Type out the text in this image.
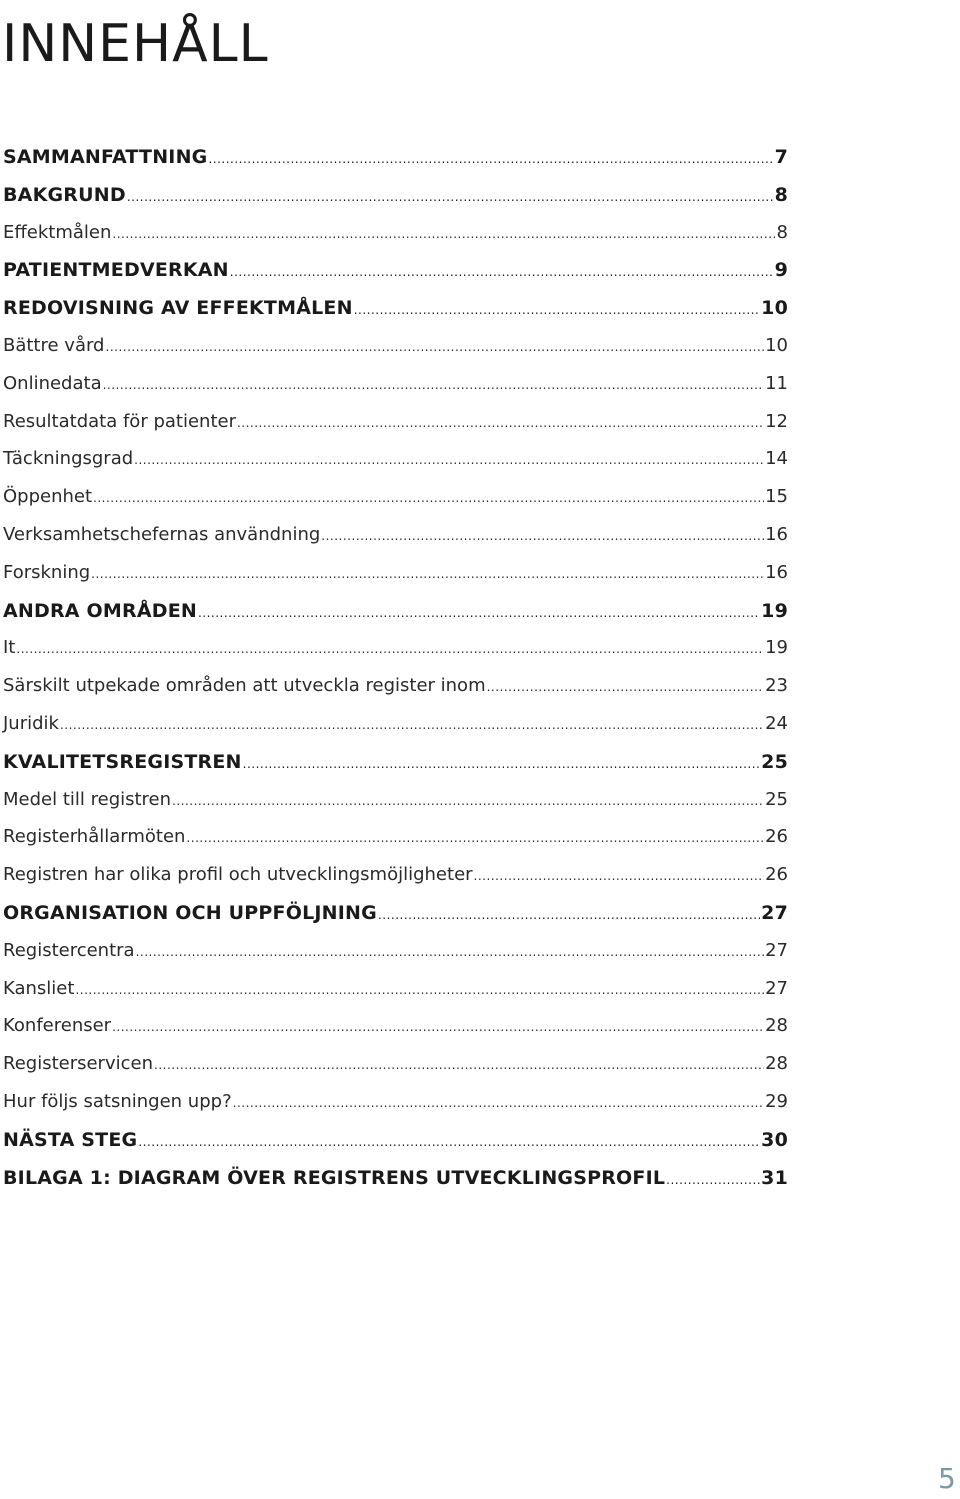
INNEHÅLL
SAMMANFATTNING .....	7
BAKGRUND .....	8
Effektmålen .....	8
PATIENTMEDVERKAN .....	9
REDOVISNING AV EFFEKTMÅLEN .....	10
Bättre vård .....	10
Onlinedata .....	11
Resultatdata för patienter .....	12
Täckningsgrad .....	14
Öppenhet .....	15
Verksamhetschefernas användning .....	16
Forskning .....	16
ANDRA OMRÅDEN .....	19
It .....	19
Särskilt utpekade områden att utveckla register inom .....	23
Juridik .....	24
KVALITETSREGISTREN .....	25
Medel till registren .....	25
Registerhållarmöten .....	26
Registren har olika profil och utvecklingsmöjligheter .....	26
ORGANISATION OCH UPPFÖLJNING .....	27
Registercentra .....	27
Kansliet .....	27
Konferenser .....	28
Registerservicen .....	28
Hur följs satsningen upp? .....	29
NÄSTA STEG .....	30
BILAGA 1: DIAGRAM ÖVER REGISTRENS UTVECKLINGSPROFIL .....	31
5
